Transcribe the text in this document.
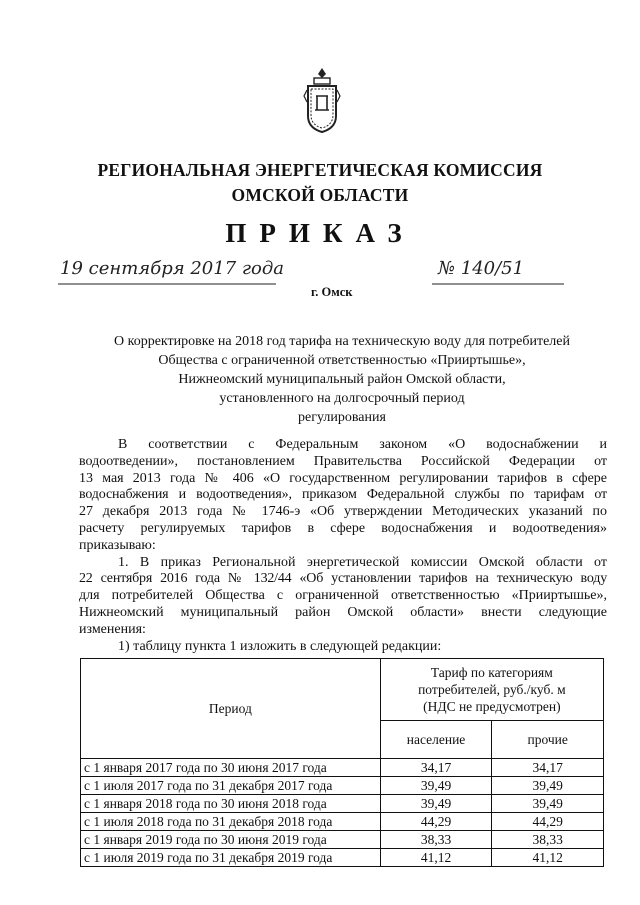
РЕГИОНАЛЬНАЯ ЭНЕРГЕТИЧЕСКАЯ КОМИССИЯ
ОМСКОЙ ОБЛАСТИ
ПРИКАЗ
19 сентября 2017 года	№ 140/51
г. Омск
О корректировке на 2018 год тарифа на техническую воду для потребителей
Общества с ограниченной ответственностью «Прииртышье»,
Нижнеомский муниципальный район Омской области,
установленного на долгосрочный период
регулирования
В соответствии с Федеральным законом «О водоснабжении и
водоотведении», постановлением Правительства Российской Федерации от
13 мая 2013 года № 406 «О государственном регулировании тарифов в сфере
водоснабжения и водоотведения», приказом Федеральной службы по тарифам от
27 декабря 2013 года № 1746-э «Об утверждении Методических указаний по
расчету регулируемых тарифов в сфере водоснабжения и водоотведения»
приказываю:
1. В приказ Региональной энергетической комиссии Омской области от
22 сентября 2016 года № 132/44 «Об установлении тарифов на техническую воду
для потребителей Общества с ограниченной ответственностью «Прииртышье»,
Нижнеомский муниципальный район Омской области» внести следующие
изменения:
1) таблицу пункта 1 изложить в следующей редакции:
Период	Тариф по категориям
потребителей, руб./куб. м
(НДС не предусмотрен)	

	население	прочие
с 1 января 2017 года по 30 июня 2017 года	34,17	34,17
с 1 июля 2017 года по 31 декабря 2017 года	39,49	39,49
с 1 января 2018 года по 30 июня 2018 года	39,49	39,49
с 1 июля 2018 года по 31 декабря 2018 года	44,29	44,29
с 1 января 2019 года по 30 июня 2019 года	38,33	38,33
с 1 июля 2019 года по 31 декабря 2019 года	41,12	41,12
